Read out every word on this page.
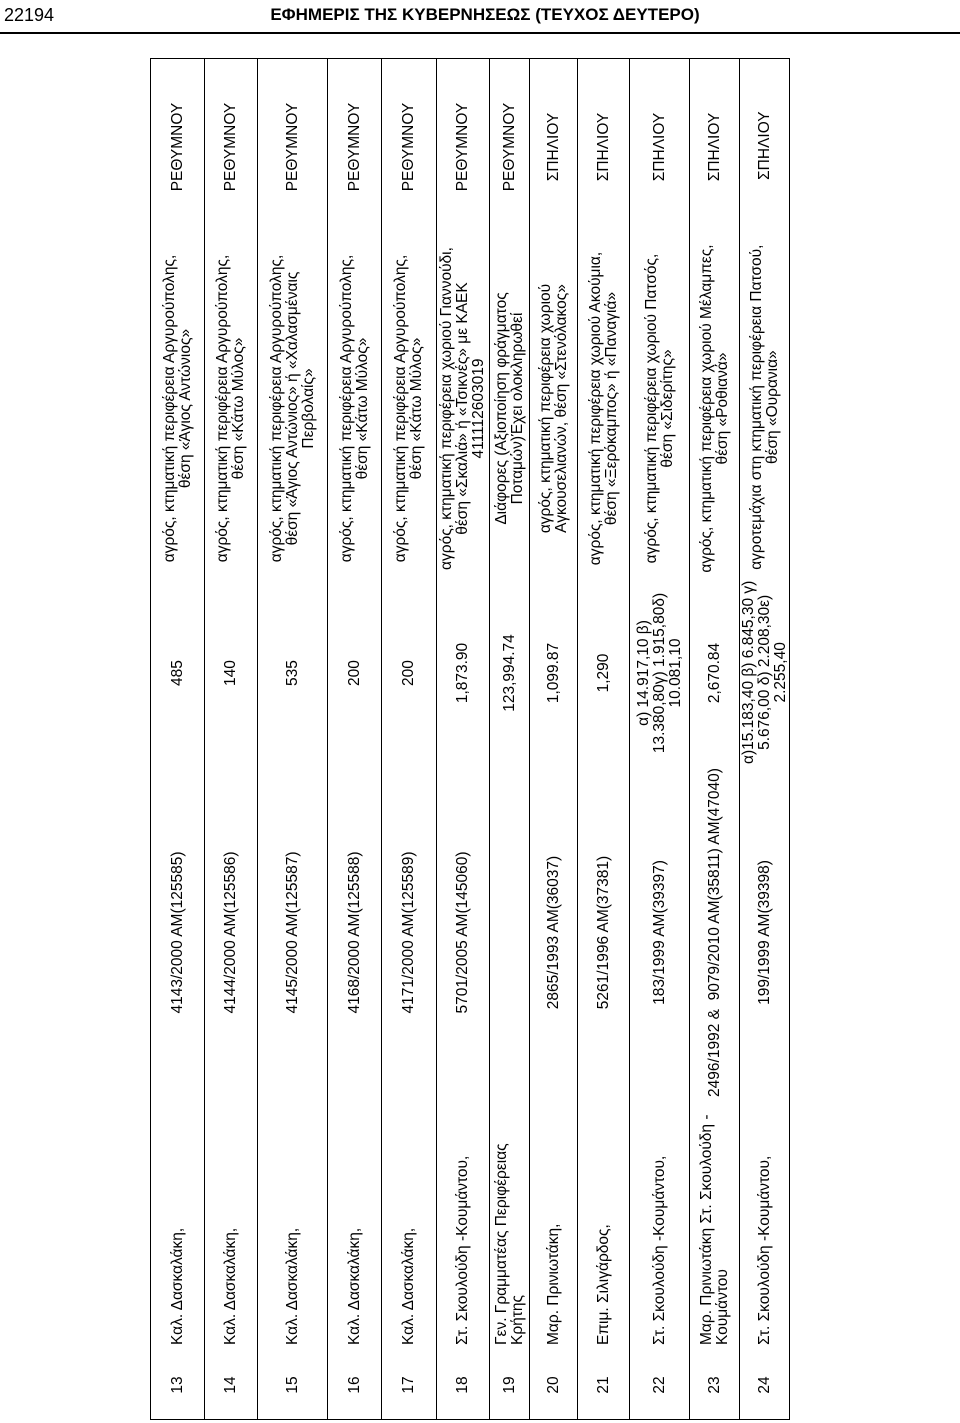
22194	ΕΦΗΜΕΡΙΣ ΤΗΣ ΚΥΒΕΡΝΗΣΕΩΣ (ΤΕΥΧΟΣ ΔΕΥΤΕΡΟ)
13
Καλ. Δασκαλάκη,
4143/2000 ΑΜ(125585)
485
αγρός, κτηματική περιφέρεια Αργυρούπολης, θέση «Άγιος Αντώνιος»
ΡΕΘΥΜΝΟΥ
14
Καλ. Δασκαλάκη,
4144/2000 ΑΜ(125586)
140
αγρός, κτηματική περιφέρεια Αργυρούπολης, θέση «Κάτω Μύλος»
ΡΕΘΥΜΝΟΥ
15
Καλ. Δασκαλάκη,
4145/2000 ΑΜ(125587)
535
αγρός, κτηματική περιφέρεια Αργυρούπολης, θέση «Άγιος Αντώνιος» ή «Χαλασμέναις Περβολαίς»
ΡΕΘΥΜΝΟΥ
16
Καλ. Δασκαλάκη,
4168/2000 ΑΜ(125588)
200
αγρός, κτηματική περιφέρεια Αργυρούπολης, θέση «Κάτω Μύλος»
ΡΕΘΥΜΝΟΥ
17
Καλ. Δασκαλάκη,
4171/2000 ΑΜ(125589)
200
αγρός, κτηματική περιφέρεια Αργυρούπολης, θέση «Κάτω Μύλος»
ΡΕΘΥΜΝΟΥ
18
Στ. Σκουλούδη -Κουμάντου,
5701/2005 ΑΜ(145060)
1,873.90
αγρός, κτηματική περιφέρεια χωριού Γιαννούδι, θέση «Σκαλιά» ή «Τσικνές» με ΚΑΕΚ 411112603019
ΡΕΘΥΜΝΟΥ
19
Γεν. Γραμματέας Περιφέρειας Κρήτης
123,994.74
Διάφορες (Αξιοποίηση φράγματος Ποταμών)Έχει ολοκληρωθεί
ΡΕΘΥΜΝΟΥ
20
Μαρ. Πρινιωτάκη,
2865/1993 ΑΜ(36037)
1,099.87
αγρός, κτηματική περιφέρεια χωριού Αγκουσελιανών, θέση «Στενόλακος»
ΣΠΗΛΙΟΥ
21
Επιμ. Σιλιγάρδος,
5261/1996 ΑΜ(37381)
1,290
αγρός, κτηματική περιφέρεια χωριού Ακούμια, θέση «Ξερόκαμπος» ή «Παναγιά»
ΣΠΗΛΙΟΥ
22
Στ. Σκουλούδη -Κουμάντου,
183/1999 ΑΜ(39397)
α) 14.917,10 β) 13.380,80γ) 1.915,80δ) 10.081,10
αγρός, κτηματική περιφέρεια χωριού Πατσός, θέση «Σιδερίτης»
ΣΠΗΛΙΟΥ
23
Μαρ. Πρινιωτάκη Στ. Σκουλούδη - Κουμάντου
2496/1992 &  9079/2010 ΑΜ(35811) ΑΜ(47040)
2,670.84
αγρός, κτηματική περιφέρεια χωριού Μέλαμπες, θέση «Ροθιανά»
ΣΠΗΛΙΟΥ
24
Στ. Σκουλούδη -Κουμάντου,
199/1999 ΑΜ(39398)
α)15.183,40 β) 6.845,30 γ) 5.676,00 δ) 2.208,30ε) 2.255,40
αγροτεμάχια στη κτηματική περιφέρεια Πατσού, θέση «Ουρανια»
ΣΠΗΛΙΟΥ
